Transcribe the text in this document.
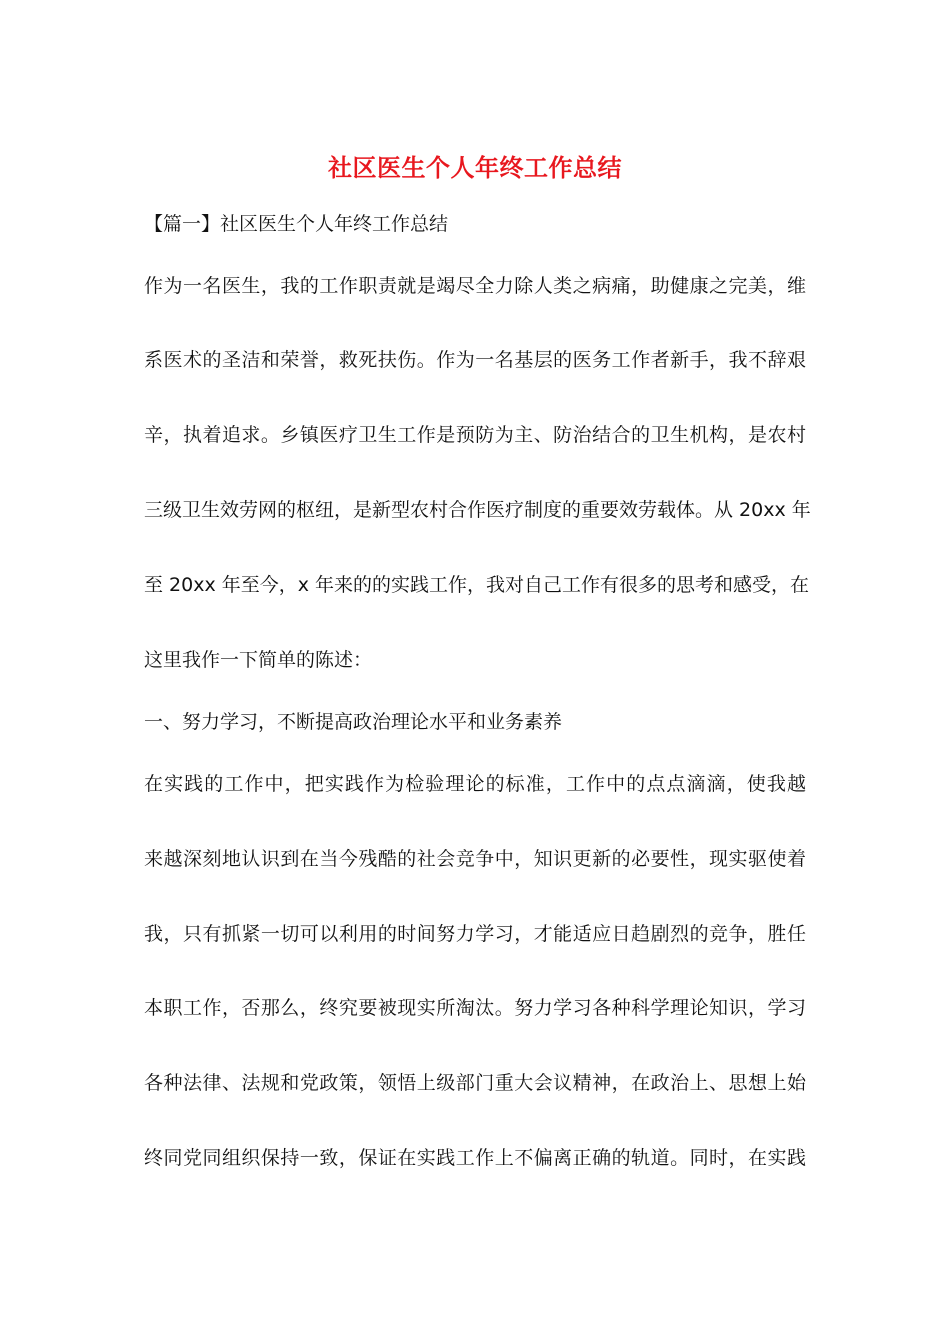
社区医生个人年终工作总结
【篇一】社区医生个人年终工作总结
作为一名医生，我的工作职责就是竭尽全力除人类之病痛，助健康之完美，维
系医术的圣洁和荣誉，救死扶伤。作为一名基层的医务工作者新手，我不辞艰
辛，执着追求。乡镇医疗卫生工作是预防为主、防治结合的卫生机构，是农村
三级卫生效劳网的枢纽，是新型农村合作医疗制度的重要效劳载体。从 20xx 年
至 20xx 年至今，x 年来的的实践工作，我对自己工作有很多的思考和感受，在
这里我作一下简单的陈述：
一、努力学习，不断提高政治理论水平和业务素养
在实践的工作中，把实践作为检验理论的标准，工作中的点点滴滴，使我越
来越深刻地认识到在当今残酷的社会竞争中，知识更新的必要性，现实驱使着
我，只有抓紧一切可以利用的时间努力学习，才能适应日趋剧烈的竞争，胜任
本职工作，否那么，终究要被现实所淘汰。努力学习各种科学理论知识，学习
各种法律、法规和党政策，领悟上级部门重大会议精神，在政治上、思想上始
终同党同组织保持一致，保证在实践工作上不偏离正确的轨道。同时，在实践
